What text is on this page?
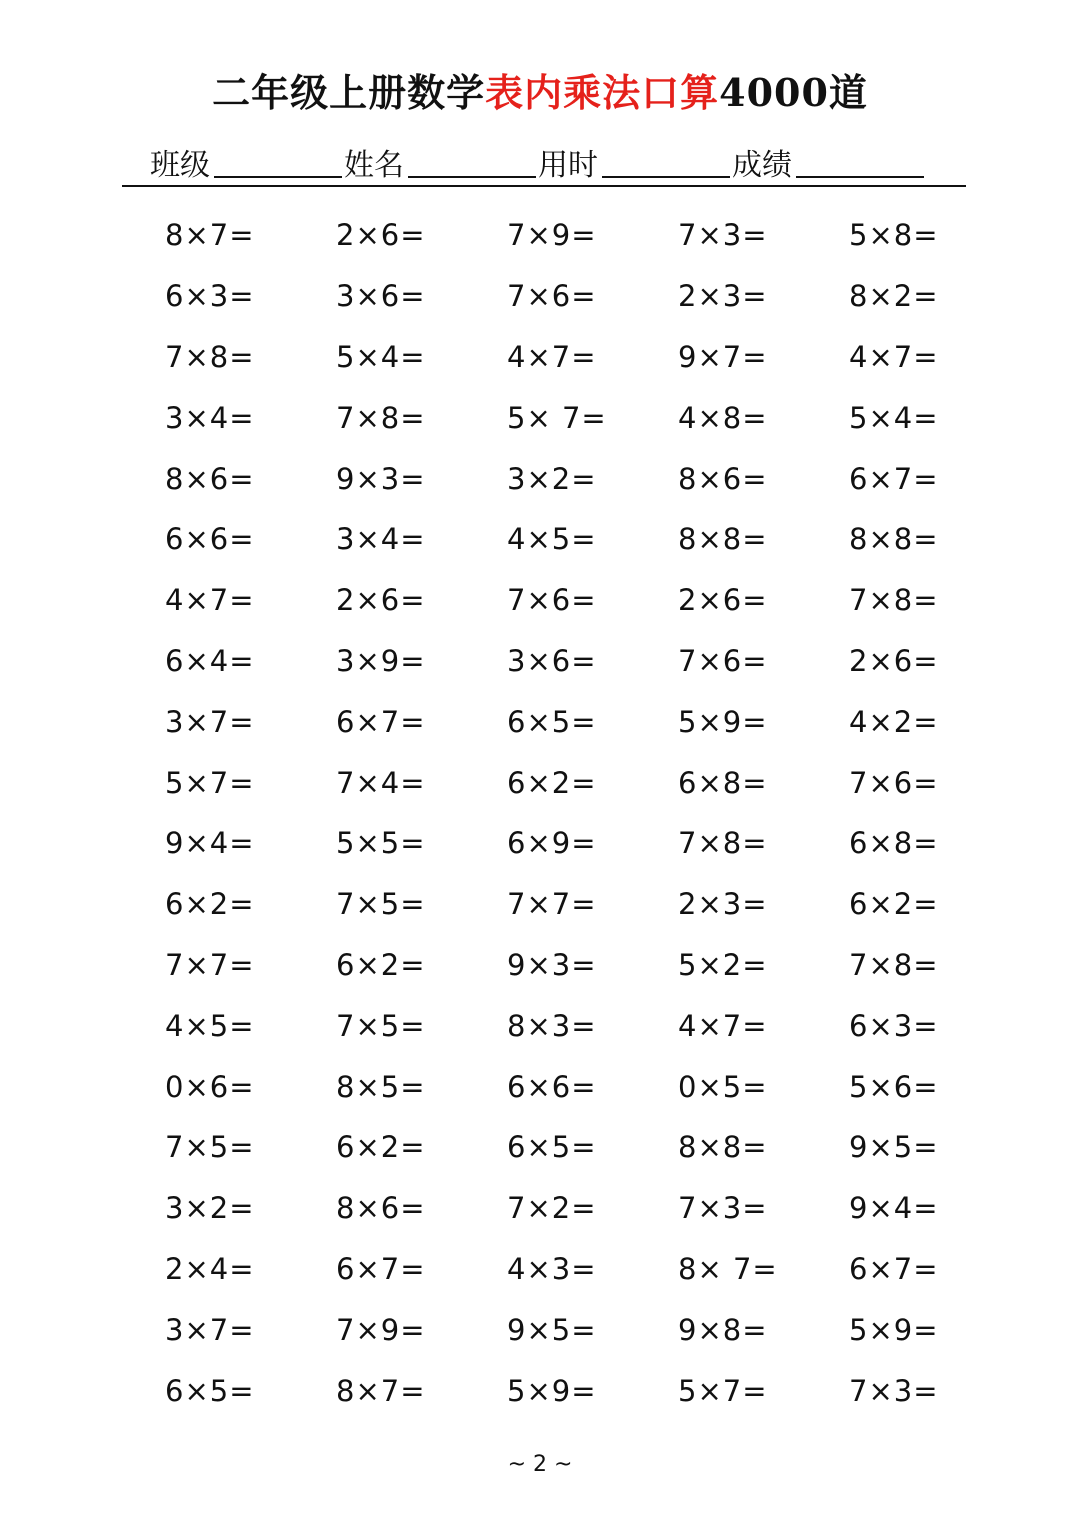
二年级上册数学表内乘法口算4000道
班级	姓名	用时	成绩
8×7=	2×6=	7×9=	7×3=	5×8=
6×3=	3×6=	7×6=	2×3=	8×2=
7×8=	5×4=	4×7=	9×7=	4×7=
3×4=	7×8=	5× 7=	4×8=	5×4=
8×6=	9×3=	3×2=	8×6=	6×7=
6×6=	3×4=	4×5=	8×8=	8×8=
4×7=	2×6=	7×6=	2×6=	7×8=
6×4=	3×9=	3×6=	7×6=	2×6=
3×7=	6×7=	6×5=	5×9=	4×2=
5×7=	7×4=	6×2=	6×8=	7×6=
9×4=	5×5=	6×9=	7×8=	6×8=
6×2=	7×5=	7×7=	2×3=	6×2=
7×7=	6×2=	9×3=	5×2=	7×8=
4×5=	7×5=	8×3=	4×7=	6×3=
0×6=	8×5=	6×6=	0×5=	5×6=
7×5=	6×2=	6×5=	8×8=	9×5=
3×2=	8×6=	7×2=	7×3=	9×4=
2×4=	6×7=	4×3=	8× 7=	6×7=
3×7=	7×9=	9×5=	9×8=	5×9=
6×5=	8×7=	5×9=	5×7=	7×3=
~ 2 ~
